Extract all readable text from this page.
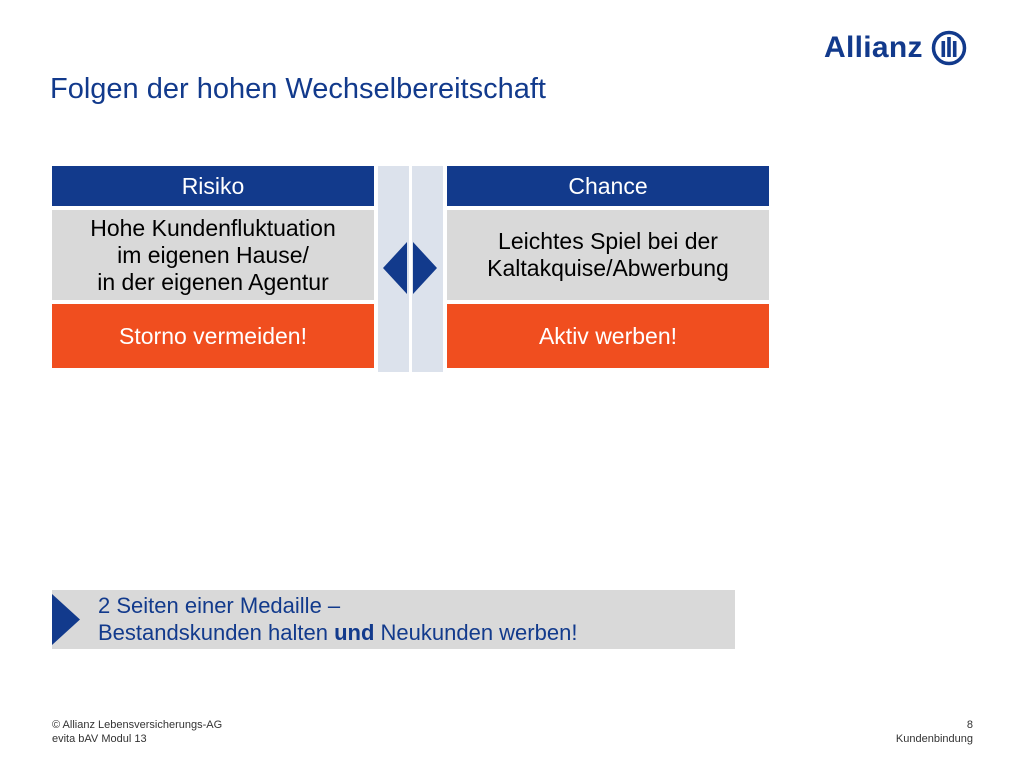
Allianz
Folgen der hohen Wechselbereitschaft
Risiko
Hohe Kundenfluktuation
im eigenen Hause/
in der eigenen Agentur
Storno vermeiden!
Chance
Leichtes Spiel bei der
Kaltakquise/Abwerbung
Aktiv werben!
2 Seiten einer Medaille –
Bestandskunden halten und Neukunden werben!
© Allianz Lebensversicherungs-AG
evita bAV Modul 13
8
Kundenbindung
